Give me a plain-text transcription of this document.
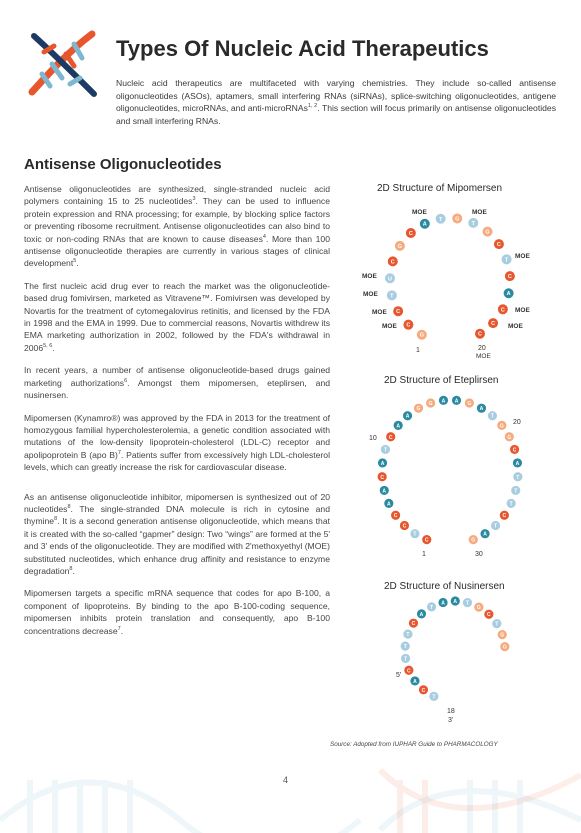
Types Of Nucleic Acid Therapeutics

Nucleic acid therapeutics are multifaceted with varying chemistries. They include so-called antisense oligonucleotides (ASOs), aptamers, small interfering RNAs (siRNAs), splice-switching oligonucleotides, antigene oligonucleotides, microRNAs, and anti-microRNAs$^{1, 2}$. This section will focus primarily on antisense oligonucleotides and small interfering RNAs.

Antisense Oligonucleotides

Antisense oligonucleotides are synthesized, single-stranded nucleic acid polymers containing 15 to 25 nucleotides$^3$. They can be used to influence protein expression and RNA processing; for example, by blocking splice factors or preventing ribosome recruitment. Antisense oligonucleotides can also bind to toxic or non-coding RNAs that are known to cause diseases$^4$. More than 100 antisense oligonucleotide therapies are currently in various stages of clinical development$^5$.

The first nucleic acid drug ever to reach the market was the oligonucleotide-based drug fomivirsen, marketed as Vitravene™. Fomivirsen was developed by Novartis for the treatment of cytomegalovirus retinitis, and licensed by the FDA in 1998 and the EMA in 1999. Due to commercial reasons, Novartis withdrew its EMA marketing authorization in 2002, followed by the FDA's withdrawal in 2006$^{5, 6}$.

In recent years, a number of antisense oligonucleotide-based drugs gained marketing authorizations$^6$. Amongst them mipomersen, eteplirsen, and nusinersen.

Mipomersen (Kynamro®) was approved by the FDA in 2013 for the treatment of homozygous familial hypercholesterolemia, a genetic condition associated with mutations of the low-density lipoprotein-cholesterol (LDL-C) receptor and apolipoprotein B (apo B)$^7$. Patients suffer from excessively high LDL-cholesterol levels, which can greatly increase the risk for cardiovascular disease.

As an antisense oligonucleotide inhibitor, mipomersen is synthesized out of 20 nucleotides$^8$. The single-stranded DNA molecule is rich in cytosine and thymine$^8$. It is a second generation antisense oligonucleotide, which means that it is created with the so-called “gapmer” design: Two “wings” are formed at the 5' and 3' ends of the oligonucleotide. They are modified with 2'methoxyethyl (MOE) substituted nucleotides, which enhance drug affinity and resistance to enzyme degradation$^8$.

Mipomersen targets a specific mRNA sequence that codes for apo B-100, a component of lipoproteins. By binding to the apo B-100-coding sequence, mipomersen inhibits protein translation and consequently, apo B-100 concentrations decrease$^7$.

2D Structure of Mipomersen
2D Structure of Eteplirsen
2D Structure of Nusinersen
G
C
C
T
U
C
G
C
A
T G
T
G
C
T
C
A
C
C
C
MOE	MOE
MOE
MOE
MOE
MOE
MOE
MOE
MOE
1	20
MOE
C
T
C
C
A
A
C
A
T
C
A
A
G
G A A G
A
T
G
G
C
A
T
T
T
C
T
A
G
10
20
1	30
T
C
A
C
T
T
T
C
A
T
A A T
G
C
T
G
G
5'
18
3'
Source: Adopted from IUPHAR Guide to PHARMACOLOGY
4
